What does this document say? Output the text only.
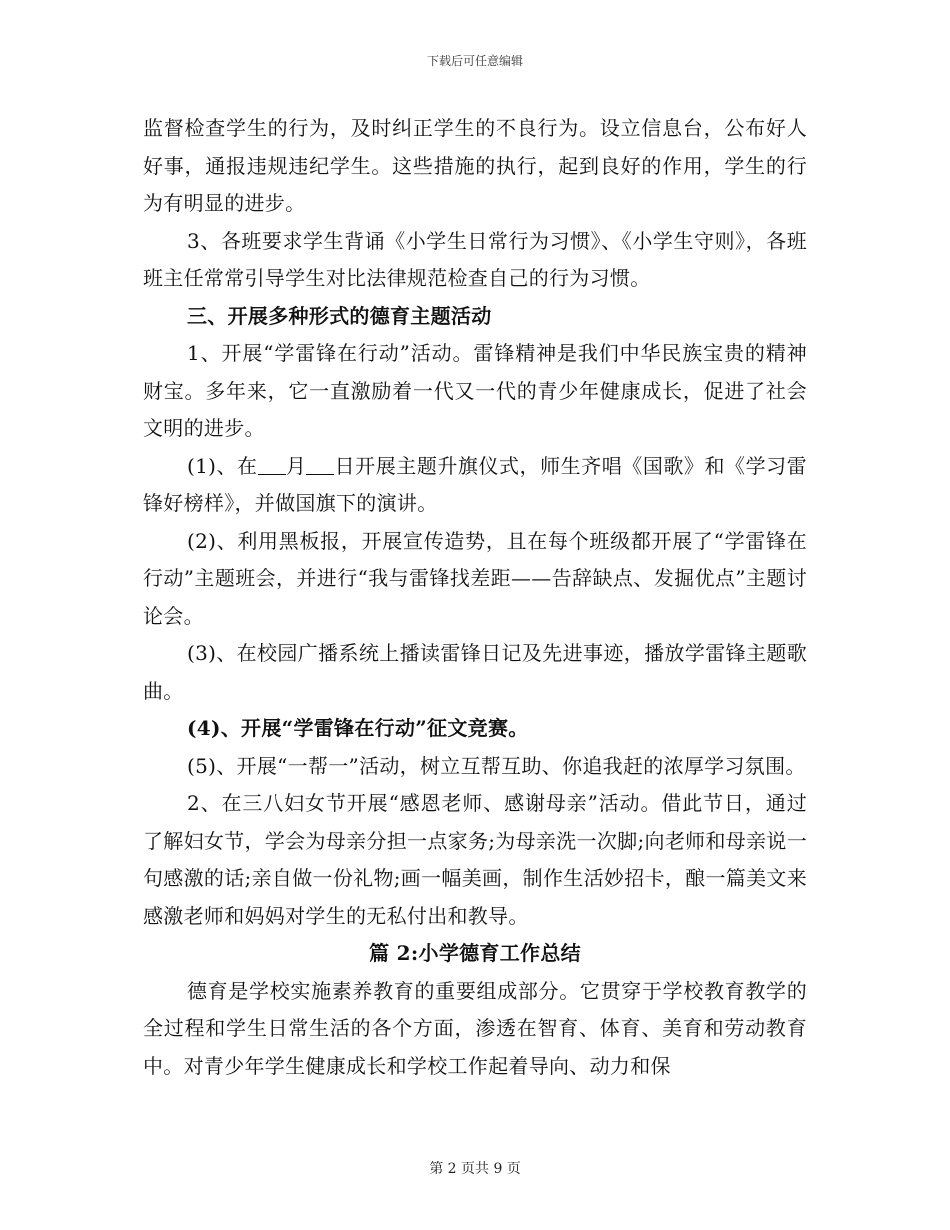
下载后可任意编辑

监督检查学生的行为，及时纠正学生的不良行为。设立信息台，公布好人好事，通报违规违纪学生。这些措施的执行，起到良好的作用，学生的行为有明显的进步。

3、各班要求学生背诵《小学生日常行为习惯》、《小学生守则》，各班班主任常常引导学生对比法律规范检查自己的行为习惯。

三、开展多种形式的德育主题活动

1、开展“学雷锋在行动”活动。雷锋精神是我们中华民族宝贵的精神财宝。多年来，它一直激励着一代又一代的青少年健康成长，促进了社会文明的进步。

(1)、在 月 日开展主题升旗仪式，师生齐唱《国歌》和《学习雷锋好榜样》，并做国旗下的演讲。

(2)、利用黑板报，开展宣传造势，且在每个班级都开展了“学雷锋在行动”主题班会，并进行“我与雷锋找差距——告辞缺点、发掘优点”主题讨论会。

(3)、在校园广播系统上播读雷锋日记及先进事迹，播放学雷锋主题歌曲。

(4)、开展“学雷锋在行动”征文竞赛。

(5)、开展“一帮一”活动，树立互帮互助、你追我赶的浓厚学习氛围。

2、在三八妇女节开展“感恩老师、感谢母亲”活动。借此节日，通过了解妇女节，学会为母亲分担一点家务;为母亲洗一次脚;向老师和母亲说一句感激的话;亲自做一份礼物;画一幅美画，制作生活妙招卡，酿一篇美文来感激老师和妈妈对学生的无私付出和教导。

篇 2:小学德育工作总结

德育是学校实施素养教育的重要组成部分。它贯穿于学校教育教学的全过程和学生日常生活的各个方面，渗透在智育、体育、美育和劳动教育中。对青少年学生健康成长和学校工作起着导向、动力和保

第 2 页共 9 页
